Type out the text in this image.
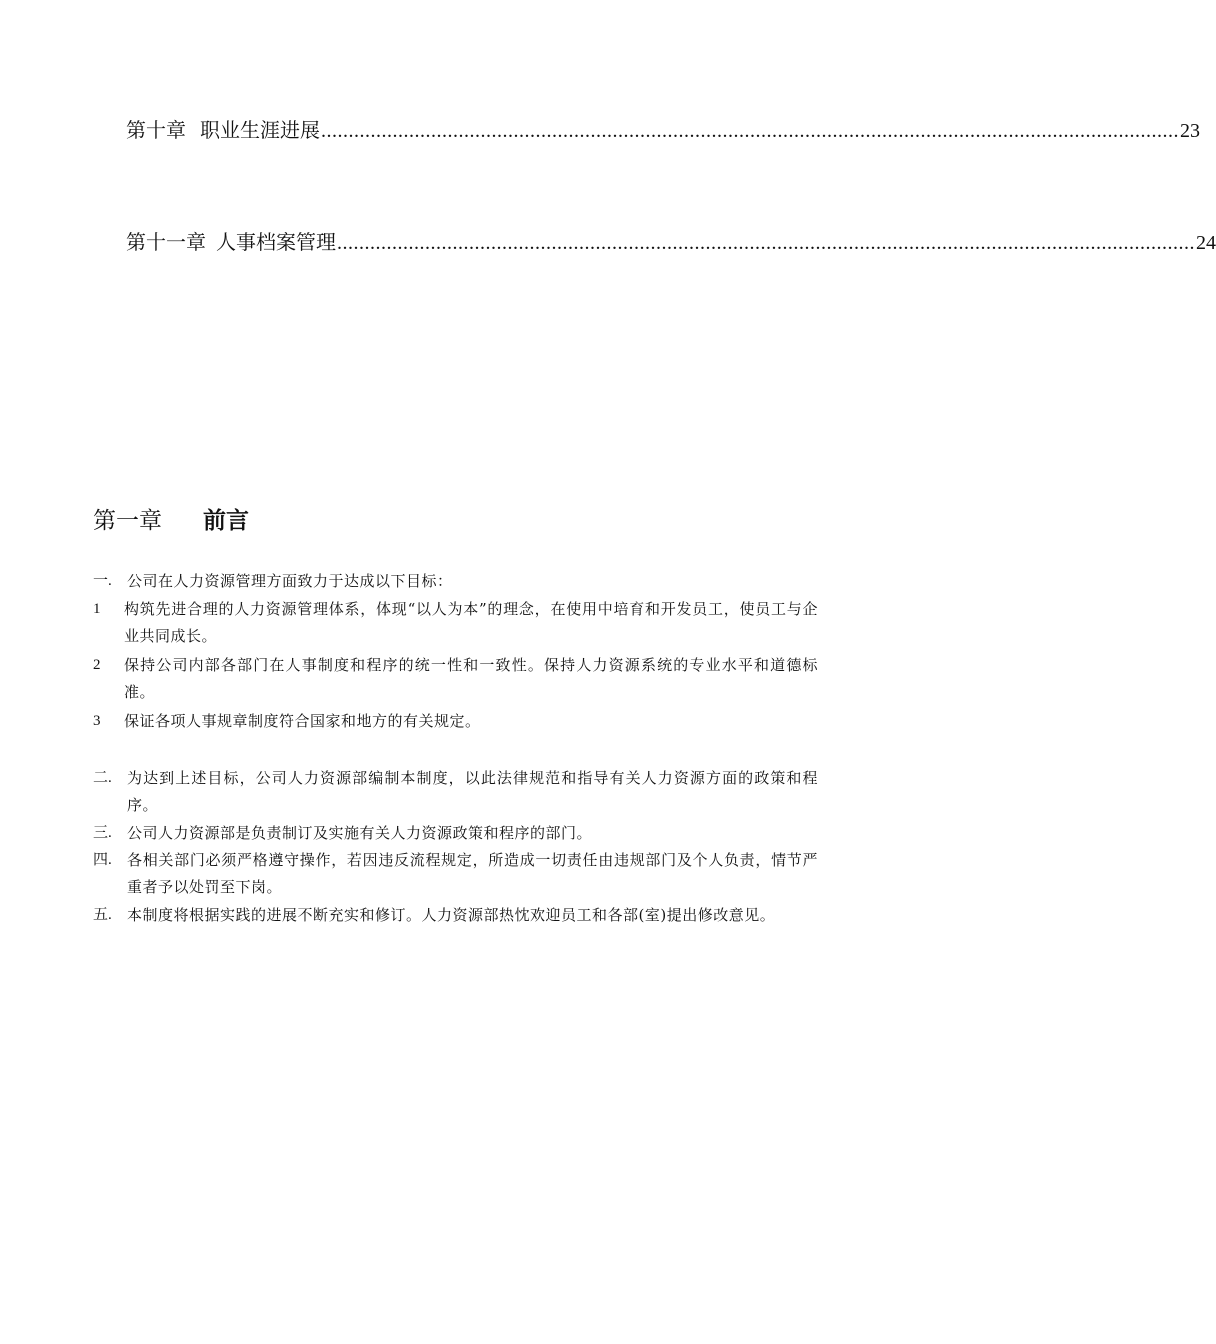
第十章 职业生涯进展 ............................................................................................................................................................ 23
第十一章 人事档案管理 ............................................................................................................................................................ 24
第一章 前言
一.	公司在人力资源管理方面致力于达成以下目标：
1	构筑先进合理的人力资源管理体系，体现“以人为本”的理念，在使用中培育和开发员工，使员工与企业共同成长。
2	保持公司内部各部门在人事制度和程序的统一性和一致性。保持人力资源系统的专业水平和道德标准。
3	保证各项人事规章制度符合国家和地方的有关规定。
二.	为达到上述目标，公司人力资源部编制本制度，以此法律规范和指导有关人力资源方面的政策和程序。
三.	公司人力资源部是负责制订及实施有关人力资源政策和程序的部门。
四.	各相关部门必须严格遵守操作，若因违反流程规定，所造成一切责任由违规部门及个人负责，情节严重者予以处罚至下岗。
五.	本制度将根据实践的进展不断充实和修订。人力资源部热忱欢迎员工和各部(室)提出修改意见。
